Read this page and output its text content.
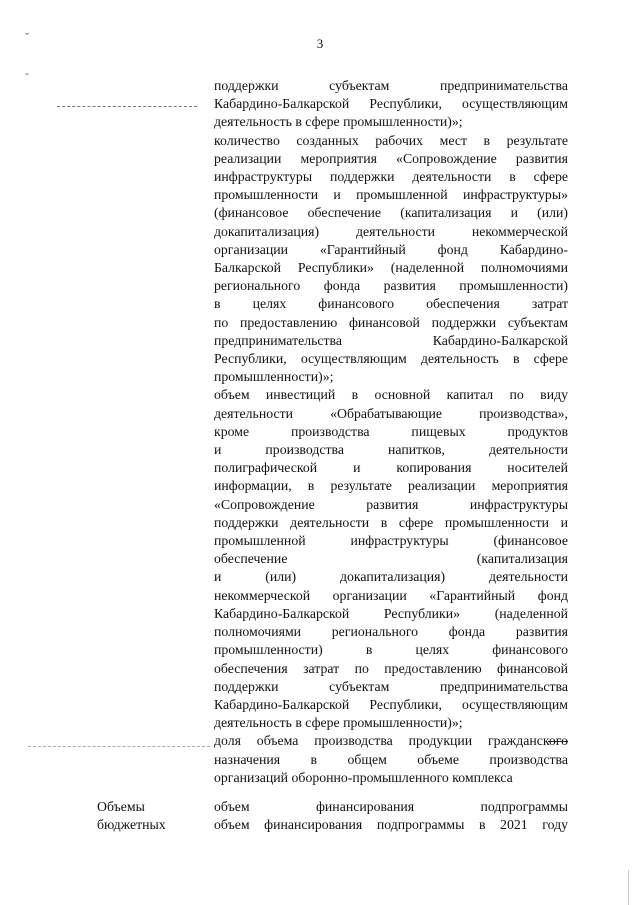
3
ˇ
-
поддержки субъектам предпринимательства
Кабардино-Балкарской Республики, осуществляющим
деятельность в сфере промышленности)»;
количество созданных рабочих мест в результате
реализации мероприятия «Сопровождение развития
инфраструктуры поддержки деятельности в сфере
промышленности и промышленной инфраструктуры»
(финансовое обеспечение (капитализация и (или)
докапитализация) деятельности некоммерческой
организации «Гарантийный фонд Кабардино-
Балкарской Республики» (наделенной полномочиями
регионального фонда развития промышленности)
в целях финансового обеспечения затрат
по предоставлению финансовой поддержки субъектам
предпринимательства Кабардино-Балкарской
Республики, осуществляющим деятельность в сфере
промышленности)»;
объем инвестиций в основной капитал по виду
деятельности «Обрабатывающие производства»,
кроме производства пищевых продуктов
и производства напитков, деятельности
полиграфической и копирования носителей
информации, в результате реализации мероприятия
«Сопровождение развития инфраструктуры
поддержки деятельности в сфере промышленности и
промышленной инфраструктуры (финансовое
обеспечение (капитализация
и (или) докапитализация) деятельности
некоммерческой организации «Гарантийный фонд
Кабардино-Балкарской Республики» (наделенной
полномочиями регионального фонда развития
промышленности) в целях финансового
обеспечения затрат по предоставлению финансовой
поддержки субъектам предпринимательства
Кабардино-Балкарской Республики, осуществляющим
деятельность в сфере промышленности)»;
доля объема производства продукции гражданского
назначения в общем объеме производства
организаций оборонно-промышленного комплекса
Объемы
бюджетных
объем финансирования подпрограммы
объем финансирования подпрограммы в 2021 году
